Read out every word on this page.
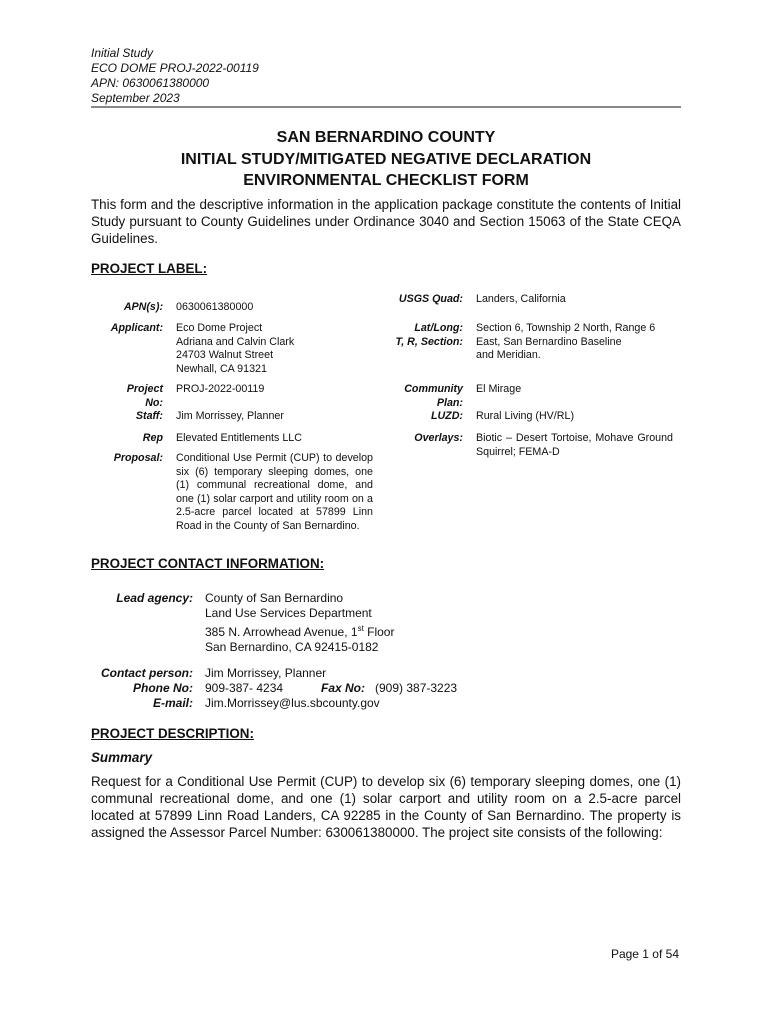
Initial Study
ECO DOME PROJ-2022-00119
APN: 0630061380000
September 2023
SAN BERNARDINO COUNTY
INITIAL STUDY/MITIGATED NEGATIVE DECLARATION
ENVIRONMENTAL CHECKLIST FORM
This form and the descriptive information in the application package constitute the contents of Initial Study pursuant to County Guidelines under Ordinance 3040 and Section 15063 of the State CEQA Guidelines.
PROJECT LABEL:
APN(s): 0630061380000
Applicant: Eco Dome Project
Adriana and Calvin Clark
24703 Walnut Street
Newhall, CA 91321
Project
No:
PROJ-2022-00119
Staff: Jim Morrissey, Planner
Rep Elevated Entitlements LLC
Proposal: Conditional Use Permit (CUP) to develop six (6) temporary sleeping domes, one (1) communal recreational dome, and one (1) solar carport and utility room on a 2.5-acre parcel located at 57899 Linn Road in the County of San Bernardino.
USGS Quad: Landers, California
Lat/Long:
T, R, Section:
Section 6, Township 2 North, Range 6
East, San Bernardino Baseline
and Meridian.
Community
Plan:
El Mirage
LUZD: Rural Living (HV/RL)
Overlays: Biotic – Desert Tortoise, Mohave Ground Squirrel; FEMA-D
PROJECT CONTACT INFORMATION:
Lead agency: County of San Bernardino
Land Use Services Department
385 N. Arrowhead Avenue, 1st Floor
San Bernardino, CA 92415-0182
Contact person: Jim Morrissey, Planner
Phone No: 909-387- 4234	Fax No: (909) 387-3223
E-mail: Jim.Morrissey@lus.sbcounty.gov
PROJECT DESCRIPTION:
Summary
Request for a Conditional Use Permit (CUP) to develop six (6) temporary sleeping domes, one (1) communal recreational dome, and one (1) solar carport and utility room on a 2.5-acre parcel located at 57899 Linn Road Landers, CA 92285 in the County of San Bernardino. The property is assigned the Assessor Parcel Number: 630061380000. The project site consists of the following:
Page 1 of 54
